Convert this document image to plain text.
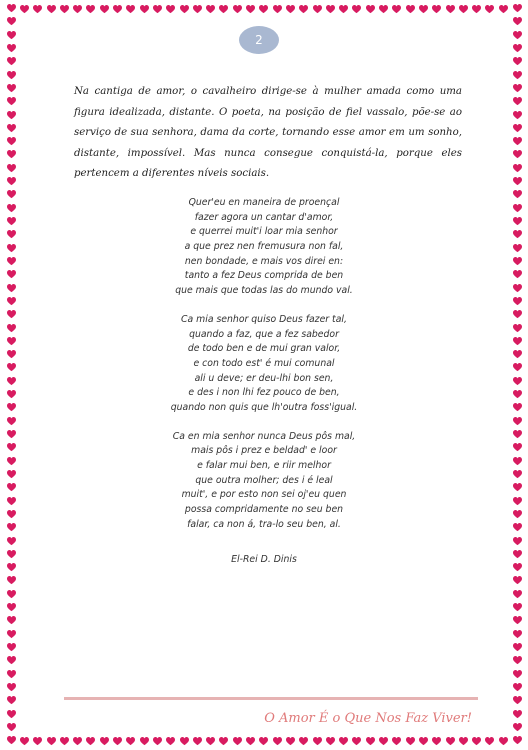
2

Na cantiga de amor, o cavalheiro dirige-se à mulher amada como uma figura idealizada, distante. O poeta, na posição de fiel vassalo, põe-se ao serviço de sua senhora, dama da corte, tornando esse amor em um sonho, distante, impossível. Mas nunca consegue conquistá-la, porque eles pertencem a diferentes níveis sociais.

Quer'eu en maneira de proençal
fazer agora un cantar d'amor,
e querrei muit'i loar mia senhor
a que prez nen fremusura non fal,
nen bondade, e mais vos direi en:
tanto a fez Deus comprida de ben
que mais que todas las do mundo val.
Ca mia senhor quiso Deus fazer tal,
quando a faz, que a fez sabedor
de todo ben e de mui gran valor,
e con todo est' é mui comunal
ali u deve; er deu-lhi bon sen,
e des i non lhi fez pouco de ben,
quando non quis que lh'outra foss'igual.
Ca en mia senhor nunca Deus pôs mal,
mais pôs i prez e beldad' e loor
e falar mui ben, e riir melhor
que outra molher; des i é leal
muit', e por esto non sei oj'eu quen
possa compridamente no seu ben
falar, ca non á, tra-lo seu ben, al.
El-Rei D. Dinis
O Amor É o Que Nos Faz Viver!
